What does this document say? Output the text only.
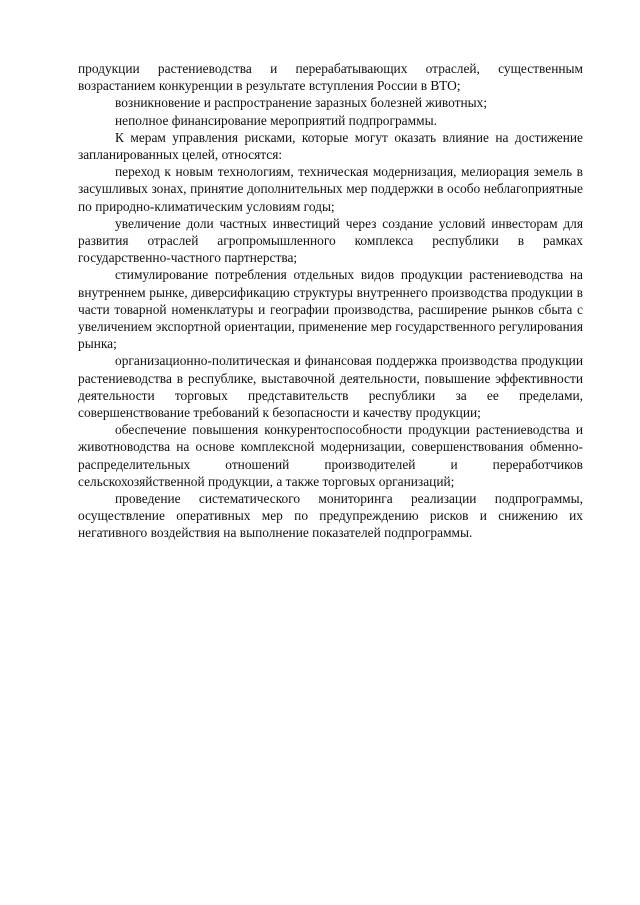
продукции растениеводства и перерабатывающих отраслей, существенным возрастанием конкуренции в результате вступления России в ВТО;

возникновение и распространение заразных болезней животных;

неполное финансирование мероприятий подпрограммы.

К мерам управления рисками, которые могут оказать влияние на достижение запланированных целей, относятся:

переход к новым технологиям, техническая модернизация, мелиорация земель в засушливых зонах, принятие дополнительных мер поддержки в особо неблагоприятные по природно-климатическим условиям годы;

увеличение доли частных инвестиций через создание условий инвесторам для развития отраслей агропромышленного комплекса республики в рамках государственно-частного партнерства;

стимулирование потребления отдельных видов продукции растениеводства на внутреннем рынке, диверсификацию структуры внутреннего производства продукции в части товарной номенклатуры и географии производства, расширение рынков сбыта с увеличением экспортной ориентации, применение мер государственного регулирования рынка;

организационно-политическая и финансовая поддержка производства продукции растениеводства в республике, выставочной деятельности, повышение эффективности деятельности торговых представительств республики за ее пределами, совершенствование требований к безопасности и качеству продукции;

обеспечение повышения конкурентоспособности продукции растениеводства и животноводства на основе комплексной модернизации, совершенствования обменно-распределительных отношений производителей и переработчиков сельскохозяйственной продукции, а также торговых организаций;

проведение систематического мониторинга реализации подпрограммы, осуществление оперативных мер по предупреждению рисков и снижению их негативного воздействия на выполнение показателей подпрограммы.
